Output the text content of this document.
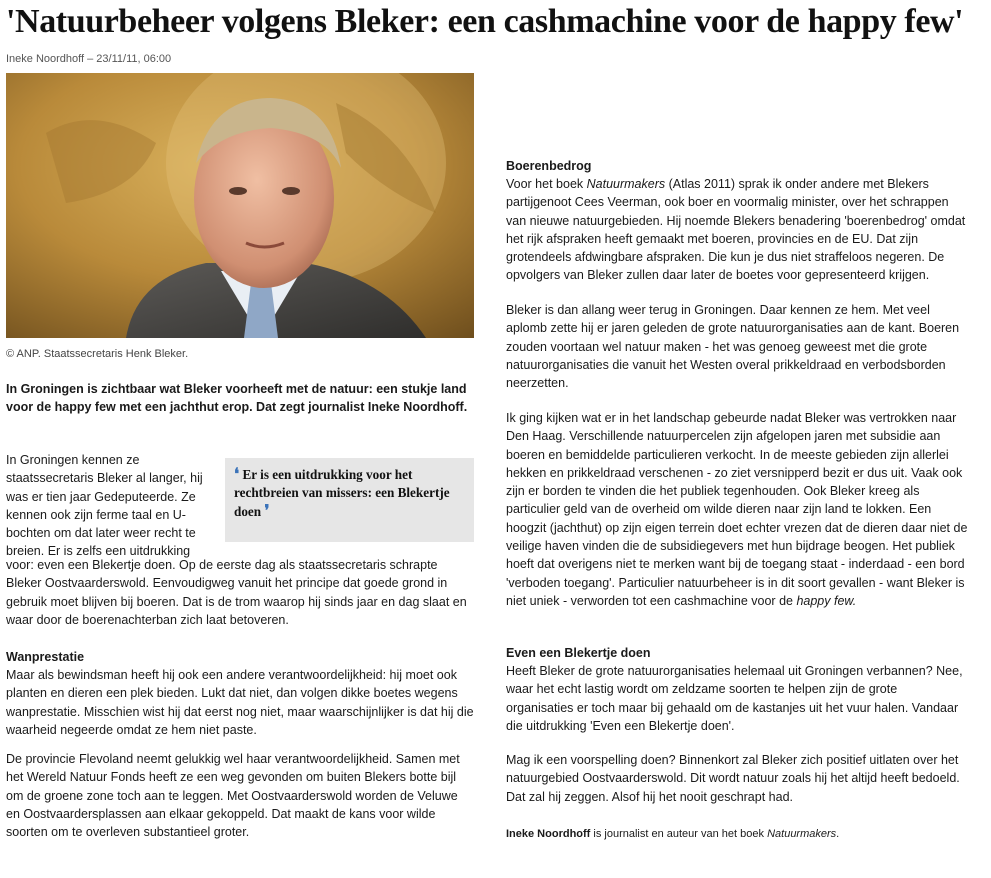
'Natuurbeheer volgens Bleker: een cashmachine voor de happy few'
Ineke Noordhoff – 23/11/11, 06:00
© ANP. Staatssecretaris Henk Bleker.

In Groningen is zichtbaar wat Bleker voorheeft met de natuur: een stukje land voor de happy few met een jachthut erop. Dat zegt journalist Ineke Noordhoff.

In Groningen kennen ze staatssecretaris Bleker al langer, hij was er tien jaar Gedeputeerde. Ze kennen ook zijn ferme taal en U-bochten om dat later weer recht te breien. Er is zelfs een uitdrukking
❛ Er is een uitdrukking voor het rechtbreien van missers: een Blekertje doen ❜

voor: even een Blekertje doen. Op de eerste dag als staatssecretaris schrapte Bleker Oostvaarderswold. Eenvoudigweg vanuit het principe dat goede grond in gebruik moet blijven bij boeren. Dat is de trom waarop hij sinds jaar en dag slaat en waar door de boerenachterban zich laat betoveren.

Wanprestatie

Maar als bewindsman heeft hij ook een andere verantwoordelijkheid: hij moet ook planten en dieren een plek bieden. Lukt dat niet, dan volgen dikke boetes wegens wanprestatie. Misschien wist hij dat eerst nog niet, maar waarschijnlijker is dat hij die waarheid negeerde omdat ze hem niet paste.

De provincie Flevoland neemt gelukkig wel haar verantwoordelijkheid. Samen met het Wereld Natuur Fonds heeft ze een weg gevonden om buiten Blekers botte bijl om de groene zone toch aan te leggen. Met Oostvaarderswold worden de Veluwe en Oostvaardersplassen aan elkaar gekoppeld. Dat maakt de kans voor wilde soorten om te overleven substantieel groter.

Boerenbedrog

Voor het boek Natuurmakers (Atlas 2011) sprak ik onder andere met Blekers partijgenoot Cees Veerman, ook boer en voormalig minister, over het schrappen van nieuwe natuurgebieden. Hij noemde Blekers benadering 'boerenbedrog' omdat het rijk afspraken heeft gemaakt met boeren, provincies en de EU. Dat zijn grotendeels afdwingbare afspraken. Die kun je dus niet straffeloos negeren. De opvolgers van Bleker zullen daar later de boetes voor gepresenteerd krijgen.

Bleker is dan allang weer terug in Groningen. Daar kennen ze hem. Met veel aplomb zette hij er jaren geleden de grote natuurorganisaties aan de kant. Boeren zouden voortaan wel natuur maken - het was genoeg geweest met die grote natuurorganisaties die vanuit het Westen overal prikkeldraad en verbodsborden neerzetten.

Ik ging kijken wat er in het landschap gebeurde nadat Bleker was vertrokken naar Den Haag. Verschillende natuurpercelen zijn afgelopen jaren met subsidie aan boeren en bemiddelde particulieren verkocht. In de meeste gebieden zijn allerlei hekken en prikkeldraad verschenen - zo ziet versnipperd bezit er dus uit. Vaak ook zijn er borden te vinden die het publiek tegenhouden. Ook Bleker kreeg als particulier geld van de overheid om wilde dieren naar zijn land te lokken. Een hoogzit (jachthut) op zijn eigen terrein doet echter vrezen dat de dieren daar niet de veilige haven vinden die de subsidiegevers met hun bijdrage beogen. Het publiek hoeft dat overigens niet te merken want bij de toegang staat - inderdaad - een bord 'verboden toegang'. Particulier natuurbeheer is in dit soort gevallen - want Bleker is niet uniek - verworden tot een cashmachine voor de happy few.

Even een Blekertje doen

Heeft Bleker de grote natuurorganisaties helemaal uit Groningen verbannen? Nee, waar het echt lastig wordt om zeldzame soorten te helpen zijn de grote organisaties er toch maar bij gehaald om de kastanjes uit het vuur halen. Vandaar die uitdrukking 'Even een Blekertje doen'.

Mag ik een voorspelling doen? Binnenkort zal Bleker zich positief uitlaten over het natuurgebied Oostvaarderswold. Dit wordt natuur zoals hij het altijd heeft bedoeld. Dat zal hij zeggen. Alsof hij het nooit geschrapt had.

Ineke Noordhoff is journalist en auteur van het boek Natuurmakers.
